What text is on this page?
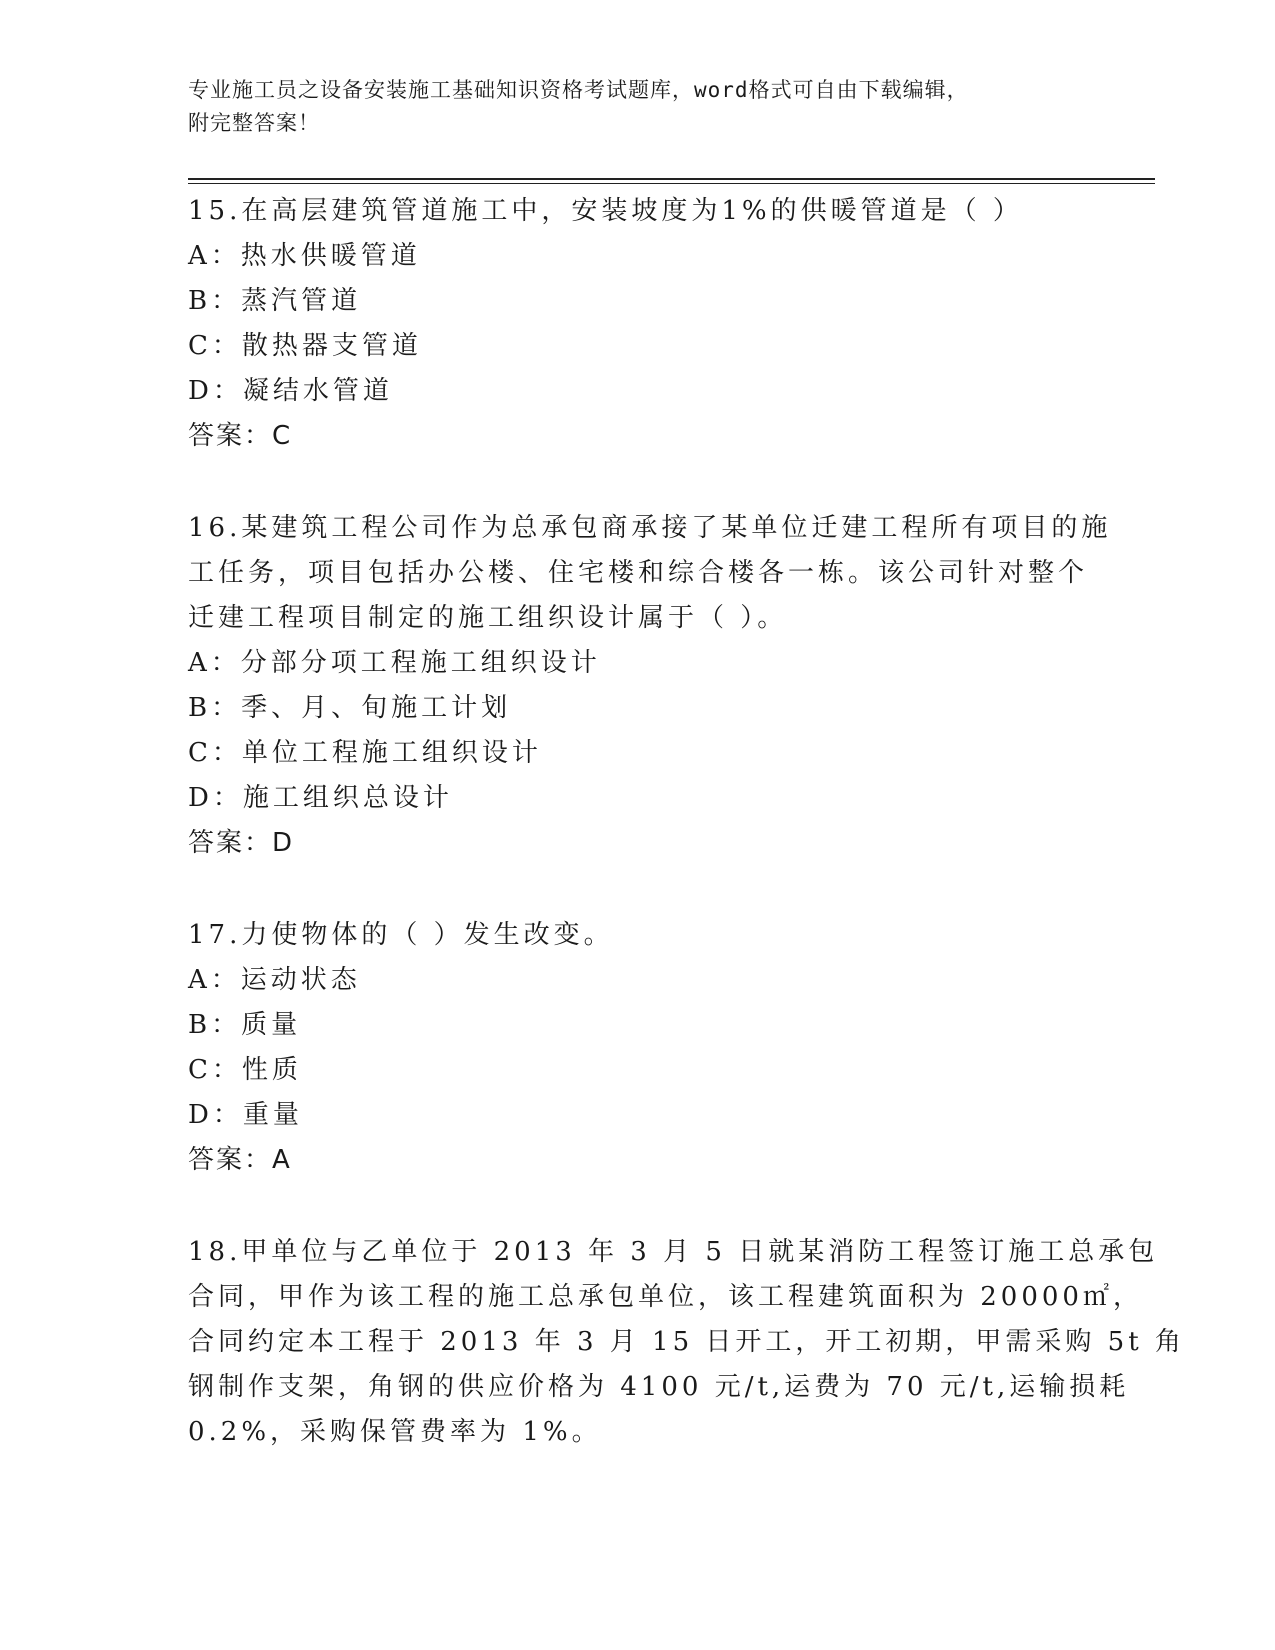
专业施工员之设备安装施工基础知识资格考试题库，word格式可自由下载编辑，
附完整答案！
15.在高层建筑管道施工中，安装坡度为1%的供暖管道是（ ）
A：热水供暖管道
B：蒸汽管道
C：散热器支管道
D：凝结水管道
答案：C
16.某建筑工程公司作为总承包商承接了某单位迁建工程所有项目的施
工任务，项目包括办公楼、住宅楼和综合楼各一栋。该公司针对整个
迁建工程项目制定的施工组织设计属于（ ）。
A：分部分项工程施工组织设计
B：季、月、旬施工计划
C：单位工程施工组织设计
D：施工组织总设计
答案：D
17.力使物体的（ ）发生改变。
A：运动状态
B：质量
C：性质
D：重量
答案：A
18.甲单位与乙单位于 2013 年 3 月 5 日就某消防工程签订施工总承包
合同，甲作为该工程的施工总承包单位，该工程建筑面积为 20000㎡，
合同约定本工程于 2013 年 3 月 15 日开工，开工初期，甲需采购 5t 角
钢制作支架，角钢的供应价格为 4100 元/t,运费为 70 元/t,运输损耗
0.2%，采购保管费率为 1%。
